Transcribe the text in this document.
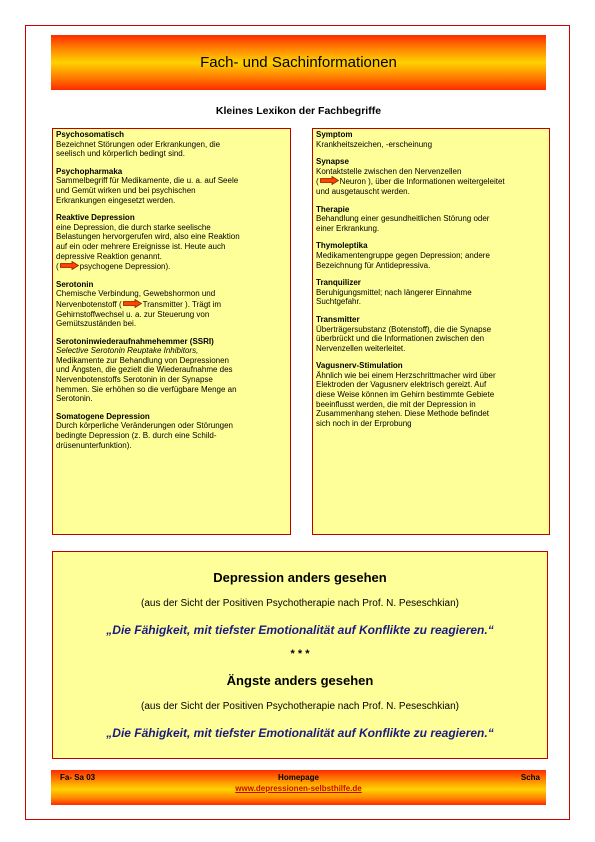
Fach- und Sachinformationen
Kleines Lexikon der Fachbegriffe
Psychosomatisch
Bezeichnet Störungen oder Erkrankungen, die
seelisch und körperlich bedingt sind.
Psychopharmaka
Sammelbegriff für Medikamente, die u. a. auf Seele
und Gemüt wirken und bei psychischen
Erkrankungen eingesetzt werden.
Reaktive Depression
eine Depression, die durch starke seelische
Belastungen hervorgerufen wird, also eine Reaktion
auf ein oder mehrere Ereignisse ist. Heute auch
depressive Reaktion genannt.
(	psychogene Depression).
Serotonin
Chemische Verbindung, Gewebshormon und
Nervenbotenstoff (	Transmitter ). Trägt im
Gehirnstoffwechsel u. a. zur Steuerung von
Gemütszuständen bei.
Serotoninwiederaufnahmehemmer (SSRI)
Selective Serotonin Reuptake Inhibitors,
Medikamente zur Behandlung von Depressionen
und Ängsten, die gezielt die Wiederaufnahme des
Nervenbotenstoffs Serotonin in der Synapse
hemmen. Sie erhöhen so die verfügbare Menge an
Serotonin.
Somatogene Depression
Durch körperliche Veränderungen oder Störungen
bedingte Depression (z. B. durch eine Schild-
drüsenunterfunktion).
Symptom
Krankheitszeichen, -erscheinung
Synapse
Kontaktstelle zwischen den Nervenzellen
(	Neuron ), über die Informationen weitergeleitet
und ausgetauscht werden.
Therapie
Behandlung einer gesundheitlichen Störung oder
einer Erkrankung.
Thymoleptika
Medikamentengruppe gegen Depression; andere
Bezeichnung für Antidepressiva.
Tranquilizer
Beruhigungsmittel; nach längerer Einnahme
Suchtgefahr.
Transmitter
Überträgersubstanz (Botenstoff), die die Synapse
überbrückt und die Informationen zwischen den
Nervenzellen weiterleitet.
Vagusnerv-Stimulation
Ähnlich wie bei einem Herzschrittmacher wird über
Elektroden der Vagusnerv elektrisch gereizt. Auf
diese Weise können im Gehirn bestimmte Gebiete
beeinflusst werden, die mit der Depression in
Zusammenhang stehen. Diese Methode befindet
sich noch in der Erprobung
Depression anders gesehen
(aus der Sicht der Positiven Psychotherapie nach Prof. N. Peseschkian)
„Die Fähigkeit, mit tiefster Emotionalität auf Konflikte zu reagieren.“
* * *
Ängste anders gesehen
(aus der Sicht der Positiven Psychotherapie nach Prof. N. Peseschkian)
„Die Fähigkeit, mit tiefster Emotionalität auf Konflikte zu reagieren.“
Fa- Sa 03	Homepage	Scha
www.depressionen-selbsthilfe.de
